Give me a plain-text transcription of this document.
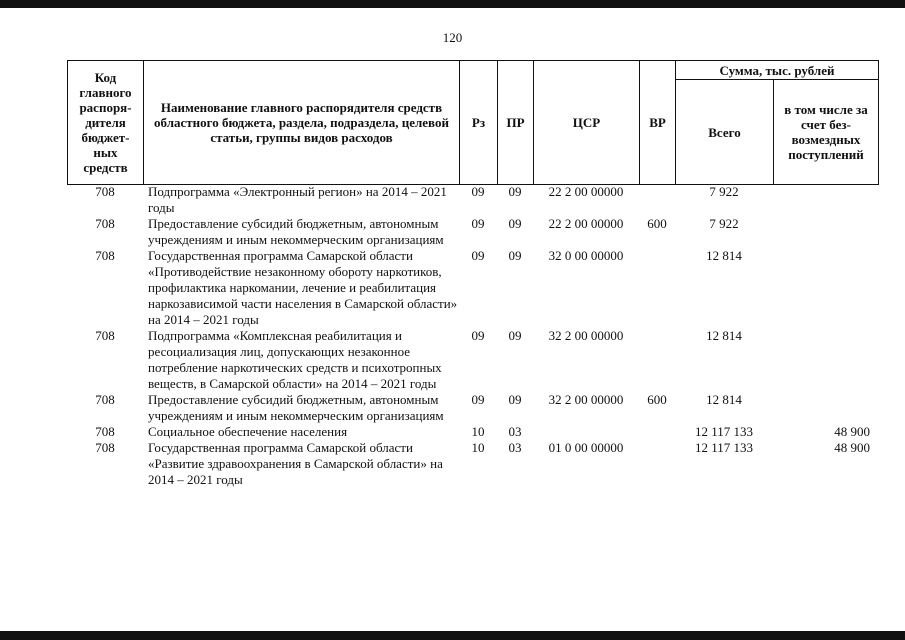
120
Код главного распоря-дителя бюджет-ных средств	Наименование главного распорядителя средств областного бюджета, раздела, подраздела, целевой статьи, группы видов расходов	Рз	ПР	ЦСР	ВР	Сумма, тыс. рублей	
						Всего	в том числе за счет без-возмездных поступлений
708	Подпрограмма «Электронный регион» на 2014 – 2021 годы	09	09	22 2 00 00000		7 922	
708	Предоставление субсидий бюджетным, автономным учреждениям и иным некоммерческим организациям	09	09	22 2 00 00000	600	7 922	
708	Государственная программа Самарской области «Противодействие незаконному обороту наркотиков, профилактика наркомании, лечение и реабилитация наркозависимой части населения в Самарской области» на 2014 – 2021 годы	09	09	32 0 00 00000		12 814	
708	Подпрограмма «Комплексная реабилитация и ресоциализация лиц, допускающих незаконное потребление наркотических средств и психотропных веществ, в Самарской области» на 2014 – 2021 годы	09	09	32 2 00 00000		12 814	
708	Предоставление субсидий бюджетным, автономным учреждениям и иным некоммерческим организациям	09	09	32 2 00 00000	600	12 814	
708	Социальное обеспечение населения	10	03			12 117 133	48 900
708	Государственная программа Самарской области «Развитие здравоохранения в Самарской области» на 2014 – 2021 годы	10	03	01 0 00 00000		12 117 133	48 900
